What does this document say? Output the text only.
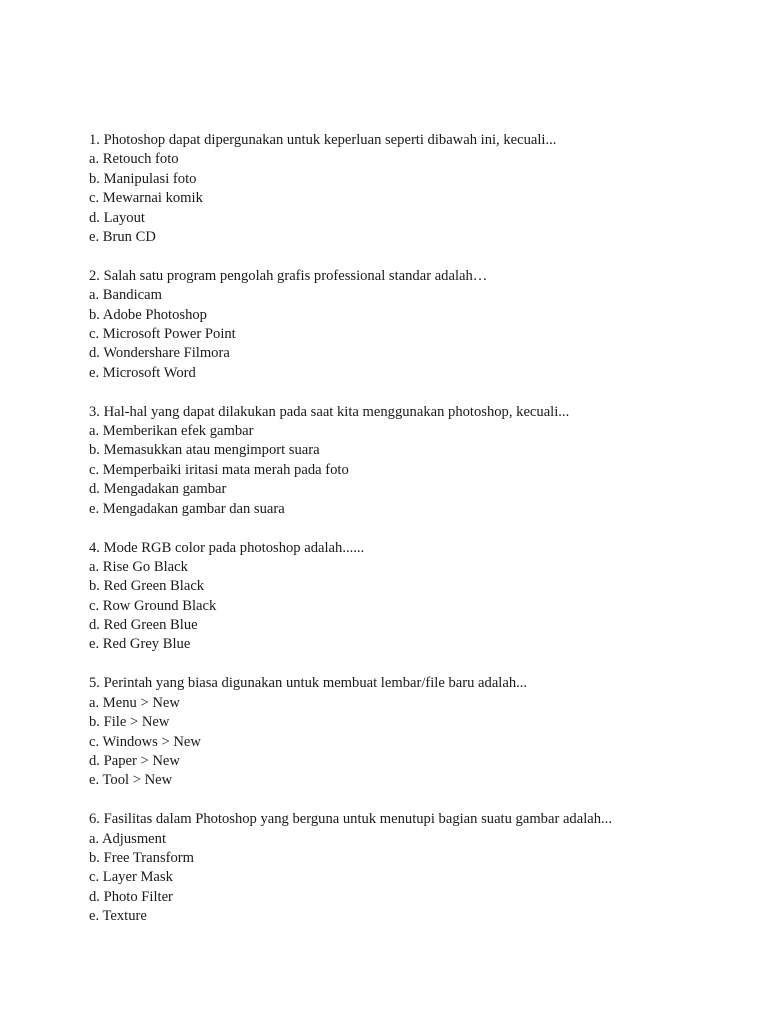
1. Photoshop dapat dipergunakan untuk keperluan seperti dibawah ini, kecuali...
a. Retouch foto
b. Manipulasi foto
c. Mewarnai komik
d. Layout
e. Brun CD
2. Salah satu program pengolah grafis professional standar adalah…
a. Bandicam
b. Adobe Photoshop
c. Microsoft Power Point
d. Wondershare Filmora
e. Microsoft Word
3. Hal-hal yang dapat dilakukan pada saat kita menggunakan photoshop, kecuali...
a. Memberikan efek gambar
b. Memasukkan atau mengimport suara
c. Memperbaiki iritasi mata merah pada foto
d. Mengadakan gambar
e. Mengadakan gambar dan suara
4. Mode RGB color pada photoshop adalah......
a. Rise Go Black
b. Red Green Black
c. Row Ground Black
d. Red Green Blue
e. Red Grey Blue
5. Perintah yang biasa digunakan untuk membuat lembar/file baru adalah...
a. Menu > New
b. File > New
c. Windows > New
d. Paper > New
e. Tool > New
6. Fasilitas dalam Photoshop yang berguna untuk menutupi bagian suatu gambar adalah...
a. Adjusment
b. Free Transform
c. Layer Mask
d. Photo Filter
e. Texture
